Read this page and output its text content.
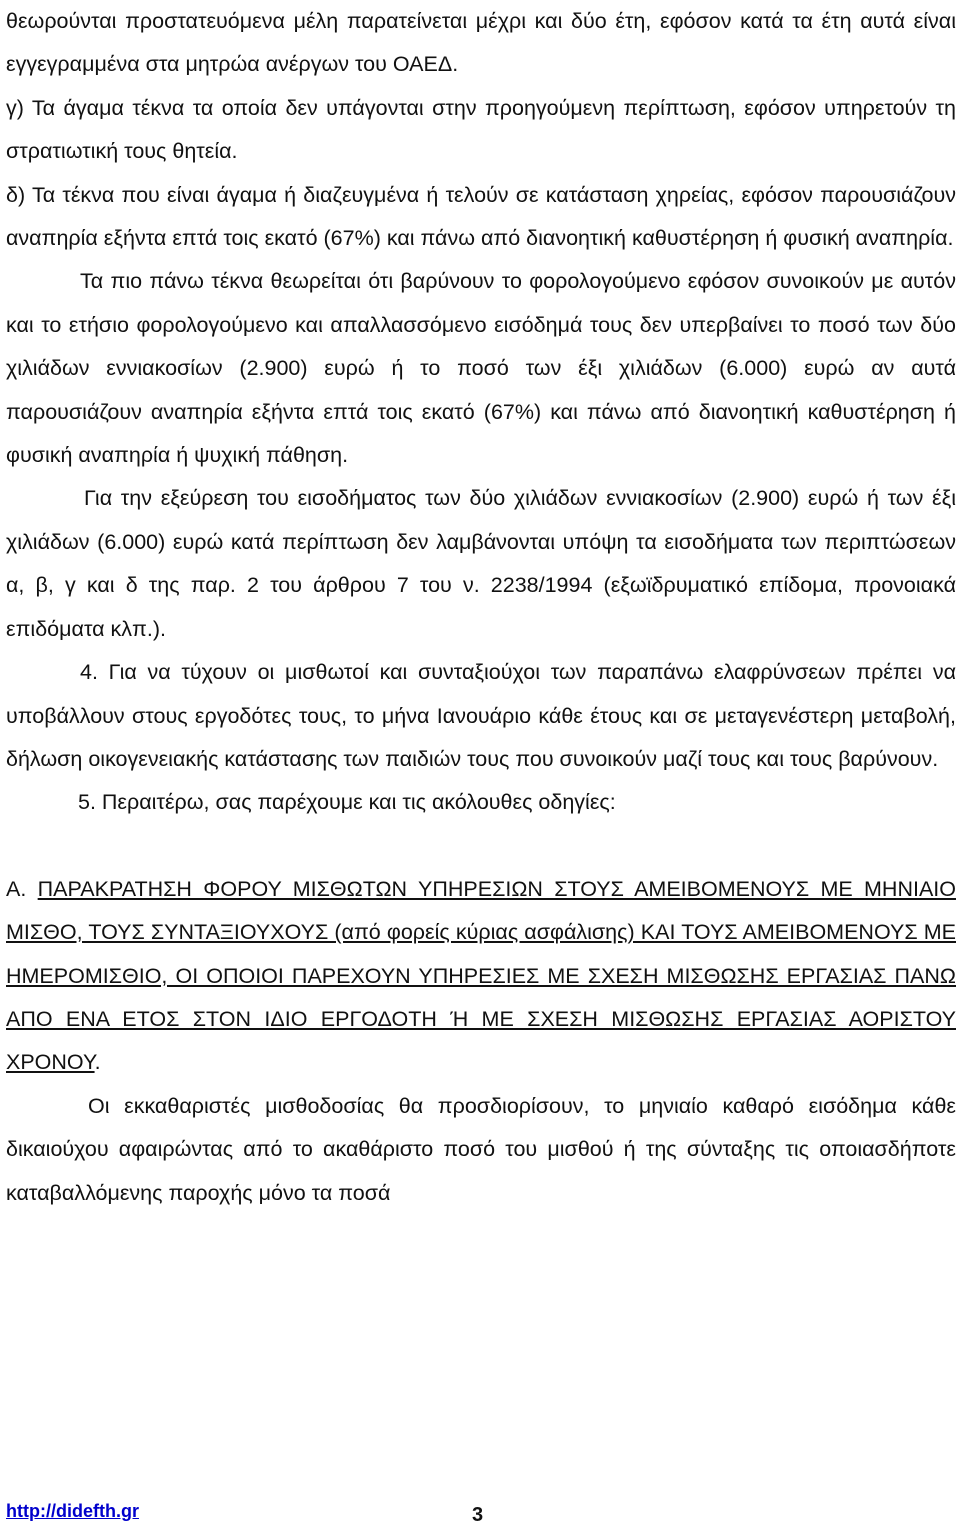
θεωρούνται προστατευόμενα μέλη παρατείνεται μέχρι και δύο έτη, εφόσον κατά τα έτη αυτά είναι εγγεγραμμένα στα μητρώα ανέργων του ΟΑΕΔ.

γ) Τα άγαμα τέκνα τα οποία δεν υπάγονται στην προηγούμενη περίπτωση, εφόσον υπηρετούν τη στρατιωτική τους θητεία.

δ) Τα τέκνα που είναι άγαμα ή διαζευγμένα ή τελούν σε κατάσταση χηρείας, εφόσον παρουσιάζουν αναπηρία εξήντα επτά τοις εκατό (67%) και πάνω από διανοητική καθυστέρηση ή φυσική αναπηρία.

Τα πιο πάνω τέκνα θεωρείται ότι βαρύνουν το φορολογούμενο εφόσον συνοικούν με αυτόν και το ετήσιο φορολογούμενο και απαλλασσόμενο εισόδημά τους δεν υπερβαίνει το ποσό των δύο χιλιάδων εννιακοσίων (2.900) ευρώ ή το ποσό των έξι χιλιάδων (6.000) ευρώ αν αυτά παρουσιάζουν αναπηρία εξήντα επτά τοις εκατό (67%) και πάνω από διανοητική καθυστέρηση ή φυσική αναπηρία ή ψυχική πάθηση.

Για την εξεύρεση του εισοδήματος των δύο χιλιάδων εννιακοσίων (2.900) ευρώ ή των έξι χιλιάδων (6.000) ευρώ κατά περίπτωση δεν λαμβάνονται υπόψη τα εισοδήματα των περιπτώσεων α, β, γ και δ της παρ. 2 του άρθρου 7 του ν. 2238/1994 (εξωϊδρυματικό επίδομα, προνοιακά επιδόματα κλπ.).

4. Για να τύχουν οι μισθωτοί και συνταξιούχοι των παραπάνω ελαφρύνσεων πρέπει να υποβάλλουν στους εργοδότες τους, το μήνα Ιανουάριο κάθε έτους και σε μεταγενέστερη μεταβολή, δήλωση οικογενειακής κατάστασης των παιδιών τους που συνοικούν μαζί τους και τους βαρύνουν.

5. Περαιτέρω, σας παρέχουμε και τις ακόλουθες οδηγίες:

Α. ΠΑΡΑΚΡΑΤΗΣΗ ΦΟΡΟΥ ΜΙΣΘΩΤΩΝ ΥΠΗΡΕΣΙΩΝ ΣΤΟΥΣ ΑΜΕΙΒΟΜΕΝΟΥΣ ΜΕ ΜΗΝΙΑΙΟ ΜΙΣΘΟ, ΤΟΥΣ ΣΥΝΤΑΞΙΟΥΧΟΥΣ (από φορείς κύριας ασφάλισης) ΚΑΙ ΤΟΥΣ ΑΜΕΙΒΟΜΕΝΟΥΣ ΜΕ ΗΜΕΡΟΜΙΣΘΙΟ, ΟΙ ΟΠΟΙΟΙ ΠΑΡΕΧΟΥΝ ΥΠΗΡΕΣΙΕΣ ΜΕ ΣΧΕΣΗ ΜΙΣΘΩΣΗΣ ΕΡΓΑΣΙΑΣ ΠΑΝΩ ΑΠΟ ΕΝΑ ΕΤΟΣ ΣΤΟΝ ΙΔΙΟ ΕΡΓΟΔΟΤΗ Ή ΜΕ ΣΧΕΣΗ ΜΙΣΘΩΣΗΣ ΕΡΓΑΣΙΑΣ ΑΟΡΙΣΤΟΥ ΧΡΟΝΟΥ.

Οι εκκαθαριστές μισθοδοσίας θα προσδιορίσουν, το μηνιαίο καθαρό εισόδημα κάθε δικαιούχου αφαιρώντας από το ακαθάριστο ποσό του μισθού ή της σύνταξης τις οποιασδήποτε καταβαλλόμενης παροχής μόνο τα ποσά

http://didefth.gr	3
